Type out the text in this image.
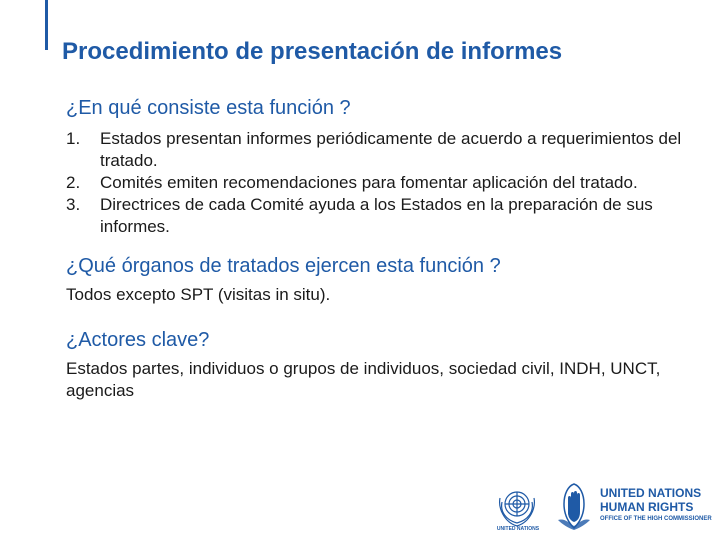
Procedimiento de presentación de informes

¿En qué consiste esta función ?

1. Estados presentan informes periódicamente de acuerdo a requerimientos del tratado.
2. Comités emiten recomendaciones para fomentar aplicación del tratado.
3. Directrices de cada Comité ayuda a los Estados en la preparación de sus informes.

¿Qué órganos de tratados ejercen esta función ?

Todos excepto SPT (visitas in situ).

¿Actores clave?

Estados partes, individuos o grupos de individuos, sociedad civil, INDH, UNCT, agencias

UNITED NATIONS
UNITED NATIONS
HUMAN RIGHTS
OFFICE OF THE HIGH COMMISSIONER
